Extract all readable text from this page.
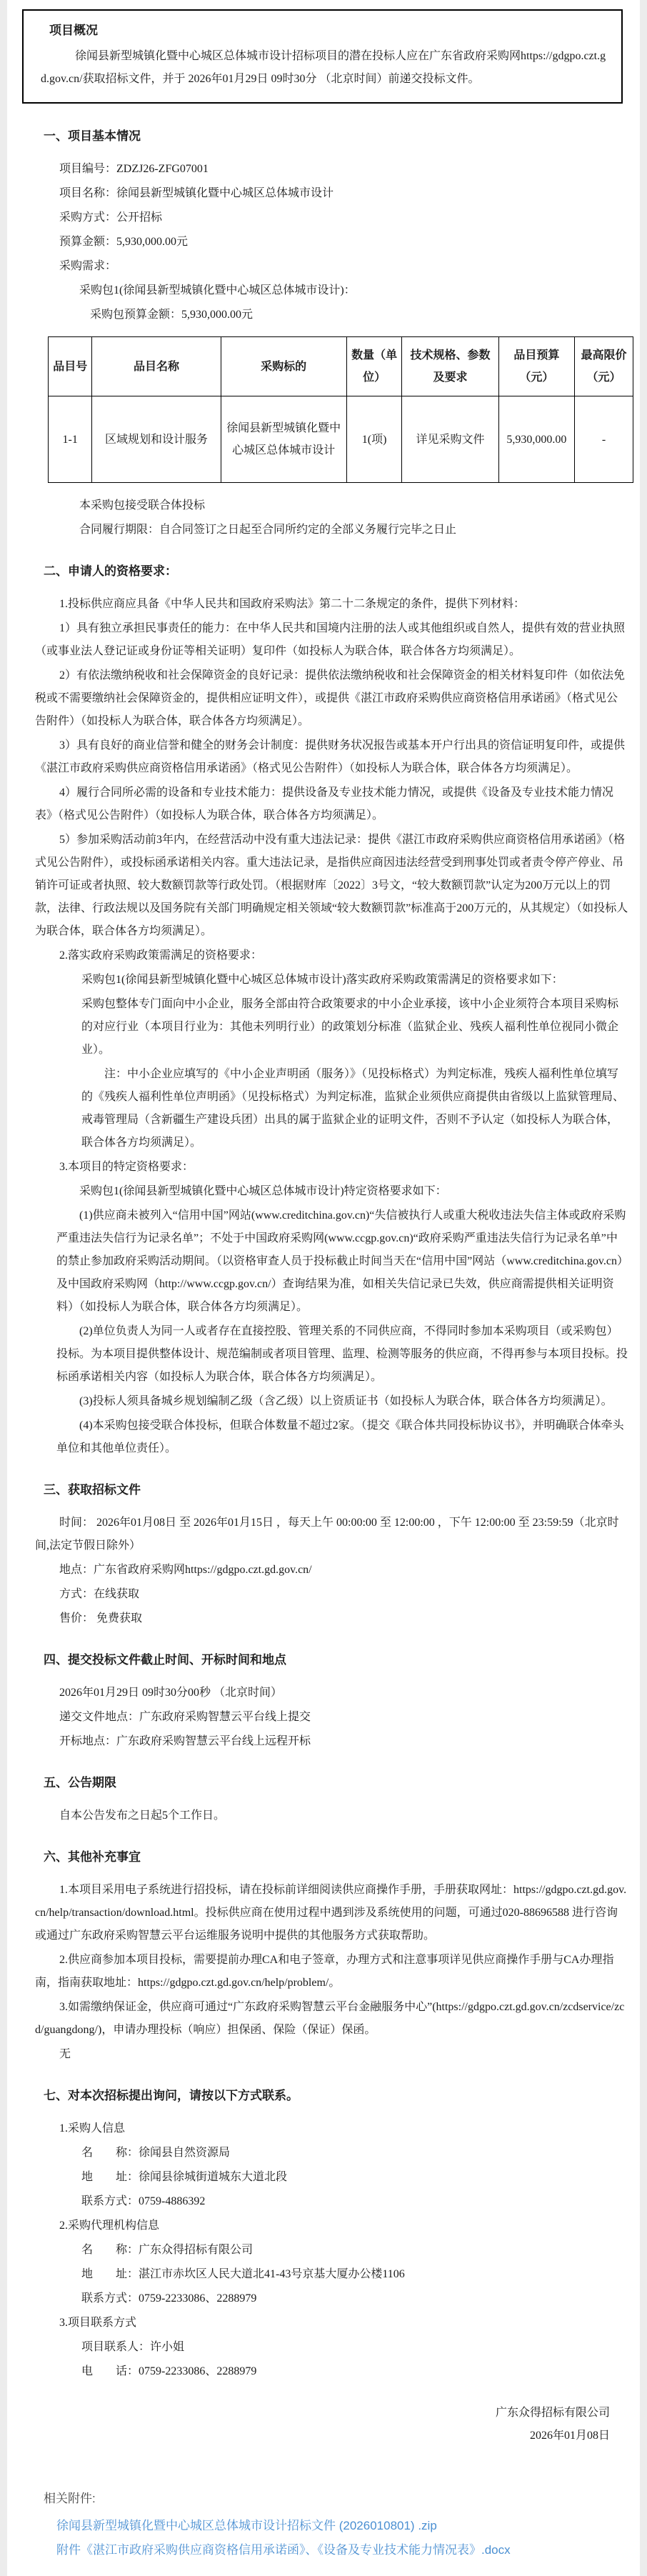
项目概况

徐闻县新型城镇化暨中心城区总体城市设计招标项目的潜在投标人应在广东省政府采购网https://gdgpo.czt.gd.gov.cn/获取招标文件，并于 2026年01月29日 09时30分 （北京时间）前递交投标文件。

一、项目基本情况

项目编号：ZDZJ26-ZFG07001

项目名称：徐闻县新型城镇化暨中心城区总体城市设计

采购方式：公开招标

预算金额：5,930,000.00元

采购需求：

采购包1(徐闻县新型城镇化暨中心城区总体城市设计)：

采购包预算金额：5,930,000.00元

品目号	品目名称	采购标的	数量（单位）	技术规格、参数及要求	品目预算（元）	最高限价（元）
1-1	区域规划和设计服务	徐闻县新型城镇化暨中心城区总体城市设计	1(项)	详见采购文件	5,930,000.00	-

本采购包接受联合体投标

合同履行期限：自合同签订之日起至合同所约定的全部义务履行完毕之日止

二、申请人的资格要求：

1.投标供应商应具备《中华人民共和国政府采购法》第二十二条规定的条件，提供下列材料：

1）具有独立承担民事责任的能力：在中华人民共和国境内注册的法人或其他组织或自然人，提供有效的营业执照（或事业法人登记证或身份证等相关证明）复印件（如投标人为联合体，联合体各方均须满足）。

2）有依法缴纳税收和社会保障资金的良好记录：提供依法缴纳税收和社会保障资金的相关材料复印件（如依法免税或不需要缴纳社会保障资金的，提供相应证明文件），或提供《湛江市政府采购供应商资格信用承诺函》（格式见公告附件）（如投标人为联合体，联合体各方均须满足）。

3）具有良好的商业信誉和健全的财务会计制度：提供财务状况报告或基本开户行出具的资信证明复印件，或提供《湛江市政府采购供应商资格信用承诺函》（格式见公告附件）（如投标人为联合体，联合体各方均须满足）。

4）履行合同所必需的设备和专业技术能力：提供设备及专业技术能力情况，或提供《设备及专业技术能力情况表》（格式见公告附件）（如投标人为联合体，联合体各方均须满足）。

5）参加采购活动前3年内，在经营活动中没有重大违法记录：提供《湛江市政府采购供应商资格信用承诺函》（格式见公告附件），或投标函承诺相关内容。重大违法记录，是指供应商因违法经营受到刑事处罚或者责令停产停业、吊销许可证或者执照、较大数额罚款等行政处罚。（根据财库〔2022〕3号文，“较大数额罚款”认定为200万元以上的罚款，法律、行政法规以及国务院有关部门明确规定相关领域“较大数额罚款”标准高于200万元的，从其规定）（如投标人为联合体，联合体各方均须满足）。

2.落实政府采购政策需满足的资格要求：

采购包1(徐闻县新型城镇化暨中心城区总体城市设计)落实政府采购政策需满足的资格要求如下：

采购包整体专门面向中小企业，服务全部由符合政策要求的中小企业承接，该中小企业须符合本项目采购标的对应行业（本项目行业为：其他未列明行业）的政策划分标准（监狱企业、残疾人福利性单位视同小微企业）。

注：中小企业应填写的《中小企业声明函（服务）》（见投标格式）为判定标准，残疾人福利性单位填写的《残疾人福利性单位声明函》（见投标格式）为判定标准，监狱企业须供应商提供由省级以上监狱管理局、戒毒管理局（含新疆生产建设兵团）出具的属于监狱企业的证明文件，否则不予认定（如投标人为联合体，联合体各方均须满足）。

3.本项目的特定资格要求：

采购包1(徐闻县新型城镇化暨中心城区总体城市设计)特定资格要求如下：

(1)供应商未被列入“信用中国”网站(www.creditchina.gov.cn)“失信被执行人或重大税收违法失信主体或政府采购严重违法失信行为记录名单”；不处于中国政府采购网(www.ccgp.gov.cn)“政府采购严重违法失信行为记录名单”中的禁止参加政府采购活动期间。（以资格审查人员于投标截止时间当天在“信用中国”网站（www.creditchina.gov.cn）及中国政府采购网（http://www.ccgp.gov.cn/）查询结果为准，如相关失信记录已失效，供应商需提供相关证明资料）（如投标人为联合体，联合体各方均须满足）。

(2)单位负责人为同一人或者存在直接控股、管理关系的不同供应商，不得同时参加本采购项目（或采购包）投标。为本项目提供整体设计、规范编制或者项目管理、监理、检测等服务的供应商，不得再参与本项目投标。投标函承诺相关内容（如投标人为联合体，联合体各方均须满足）。

(3)投标人须具备城乡规划编制乙级（含乙级）以上资质证书（如投标人为联合体，联合体各方均须满足）。

(4)本采购包接受联合体投标，但联合体数量不超过2家。（提交《联合体共同投标协议书》，并明确联合体牵头单位和其他单位责任）。

三、获取招标文件

时间： 2026年01月08日 至 2026年01月15日 ，每天上午 00:00:00 至 12:00:00 ，下午 12:00:00 至 23:59:59（北京时间,法定节假日除外）

地点：广东省政府采购网https://gdgpo.czt.gd.gov.cn/

方式：在线获取

售价： 免费获取

四、提交投标文件截止时间、开标时间和地点

2026年01月29日 09时30分00秒 （北京时间）

递交文件地点：广东政府采购智慧云平台线上提交

开标地点：广东政府采购智慧云平台线上远程开标

五、公告期限

自本公告发布之日起5个工作日。

六、其他补充事宜

1.本项目采用电子系统进行招投标，请在投标前详细阅读供应商操作手册，手册获取网址：https://gdgpo.czt.gd.gov.cn/help/transaction/download.html。投标供应商在使用过程中遇到涉及系统使用的问题，可通过020-88696588 进行咨询或通过广东政府采购智慧云平台运维服务说明中提供的其他服务方式获取帮助。

2.供应商参加本项目投标，需要提前办理CA和电子签章，办理方式和注意事项详见供应商操作手册与CA办理指南，指南获取地址：https://gdgpo.czt.gd.gov.cn/help/problem/。

3.如需缴纳保证金，供应商可通过“广东政府采购智慧云平台金融服务中心”(https://gdgpo.czt.gd.gov.cn/zcdservice/zcd/guangdong/)，申请办理投标（响应）担保函、保险（保证）保函。

无

七、对本次招标提出询问，请按以下方式联系。

1.采购人信息

名　　称：徐闻县自然资源局

地　　址：徐闻县徐城街道城东大道北段

联系方式：0759-4886392

2.采购代理机构信息

名　　称：广东众得招标有限公司

地　　址：湛江市赤坎区人民大道北41-43号京基大厦办公楼1106

联系方式：0759-2233086、2288979

3.项目联系方式

项目联系人：许小姐

电　　话：0759-2233086、2288979

广东众得招标有限公司

2026年01月08日

相关附件:

徐闻县新型城镇化暨中心城区总体城市设计招标文件 (2026010801) .zip
附件《湛江市政府采购供应商资格信用承诺函》、《设备及专业技术能力情况表》.docx
